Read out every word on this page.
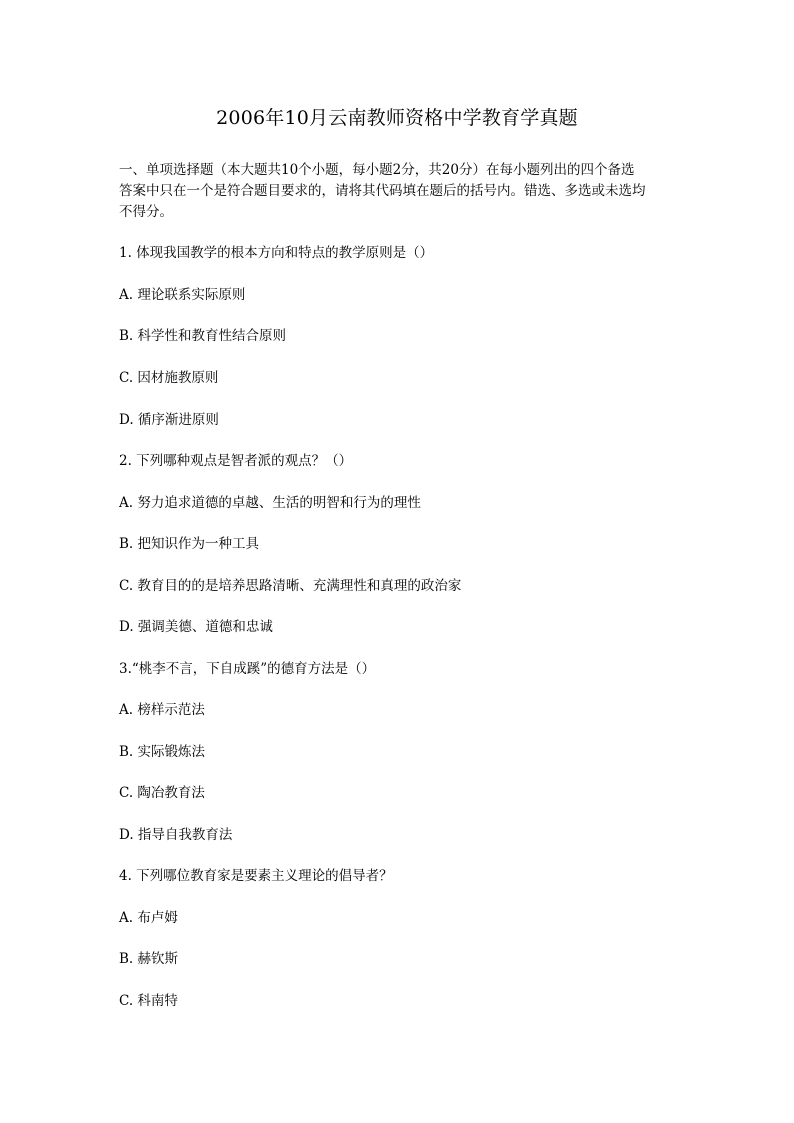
2006年10月云南教师资格中学教育学真题
一、单项选择题（本大题共10个小题，每小题2分，共20分）在每小题列出的四个备选
答案中只在一个是符合题目要求的，请将其代码填在题后的括号内。错选、多选或未选均
不得分。
1. 体现我国教学的根本方向和特点的教学原则是（）
A. 理论联系实际原则
B. 科学性和教育性结合原则
C. 因材施教原则
D. 循序渐进原则
2. 下列哪种观点是智者派的观点？（）
A. 努力追求道德的卓越、生活的明智和行为的理性
B. 把知识作为一种工具
C. 教育目的的是培养思路清晰、充满理性和真理的政治家
D. 强调美德、道德和忠诚
3.“桃李不言，下自成蹊”的德育方法是（）
A. 榜样示范法
B. 实际锻炼法
C. 陶冶教育法
D. 指导自我教育法
4. 下列哪位教育家是要素主义理论的倡导者？
A. 布卢姆
B. 赫钦斯
C. 科南特
